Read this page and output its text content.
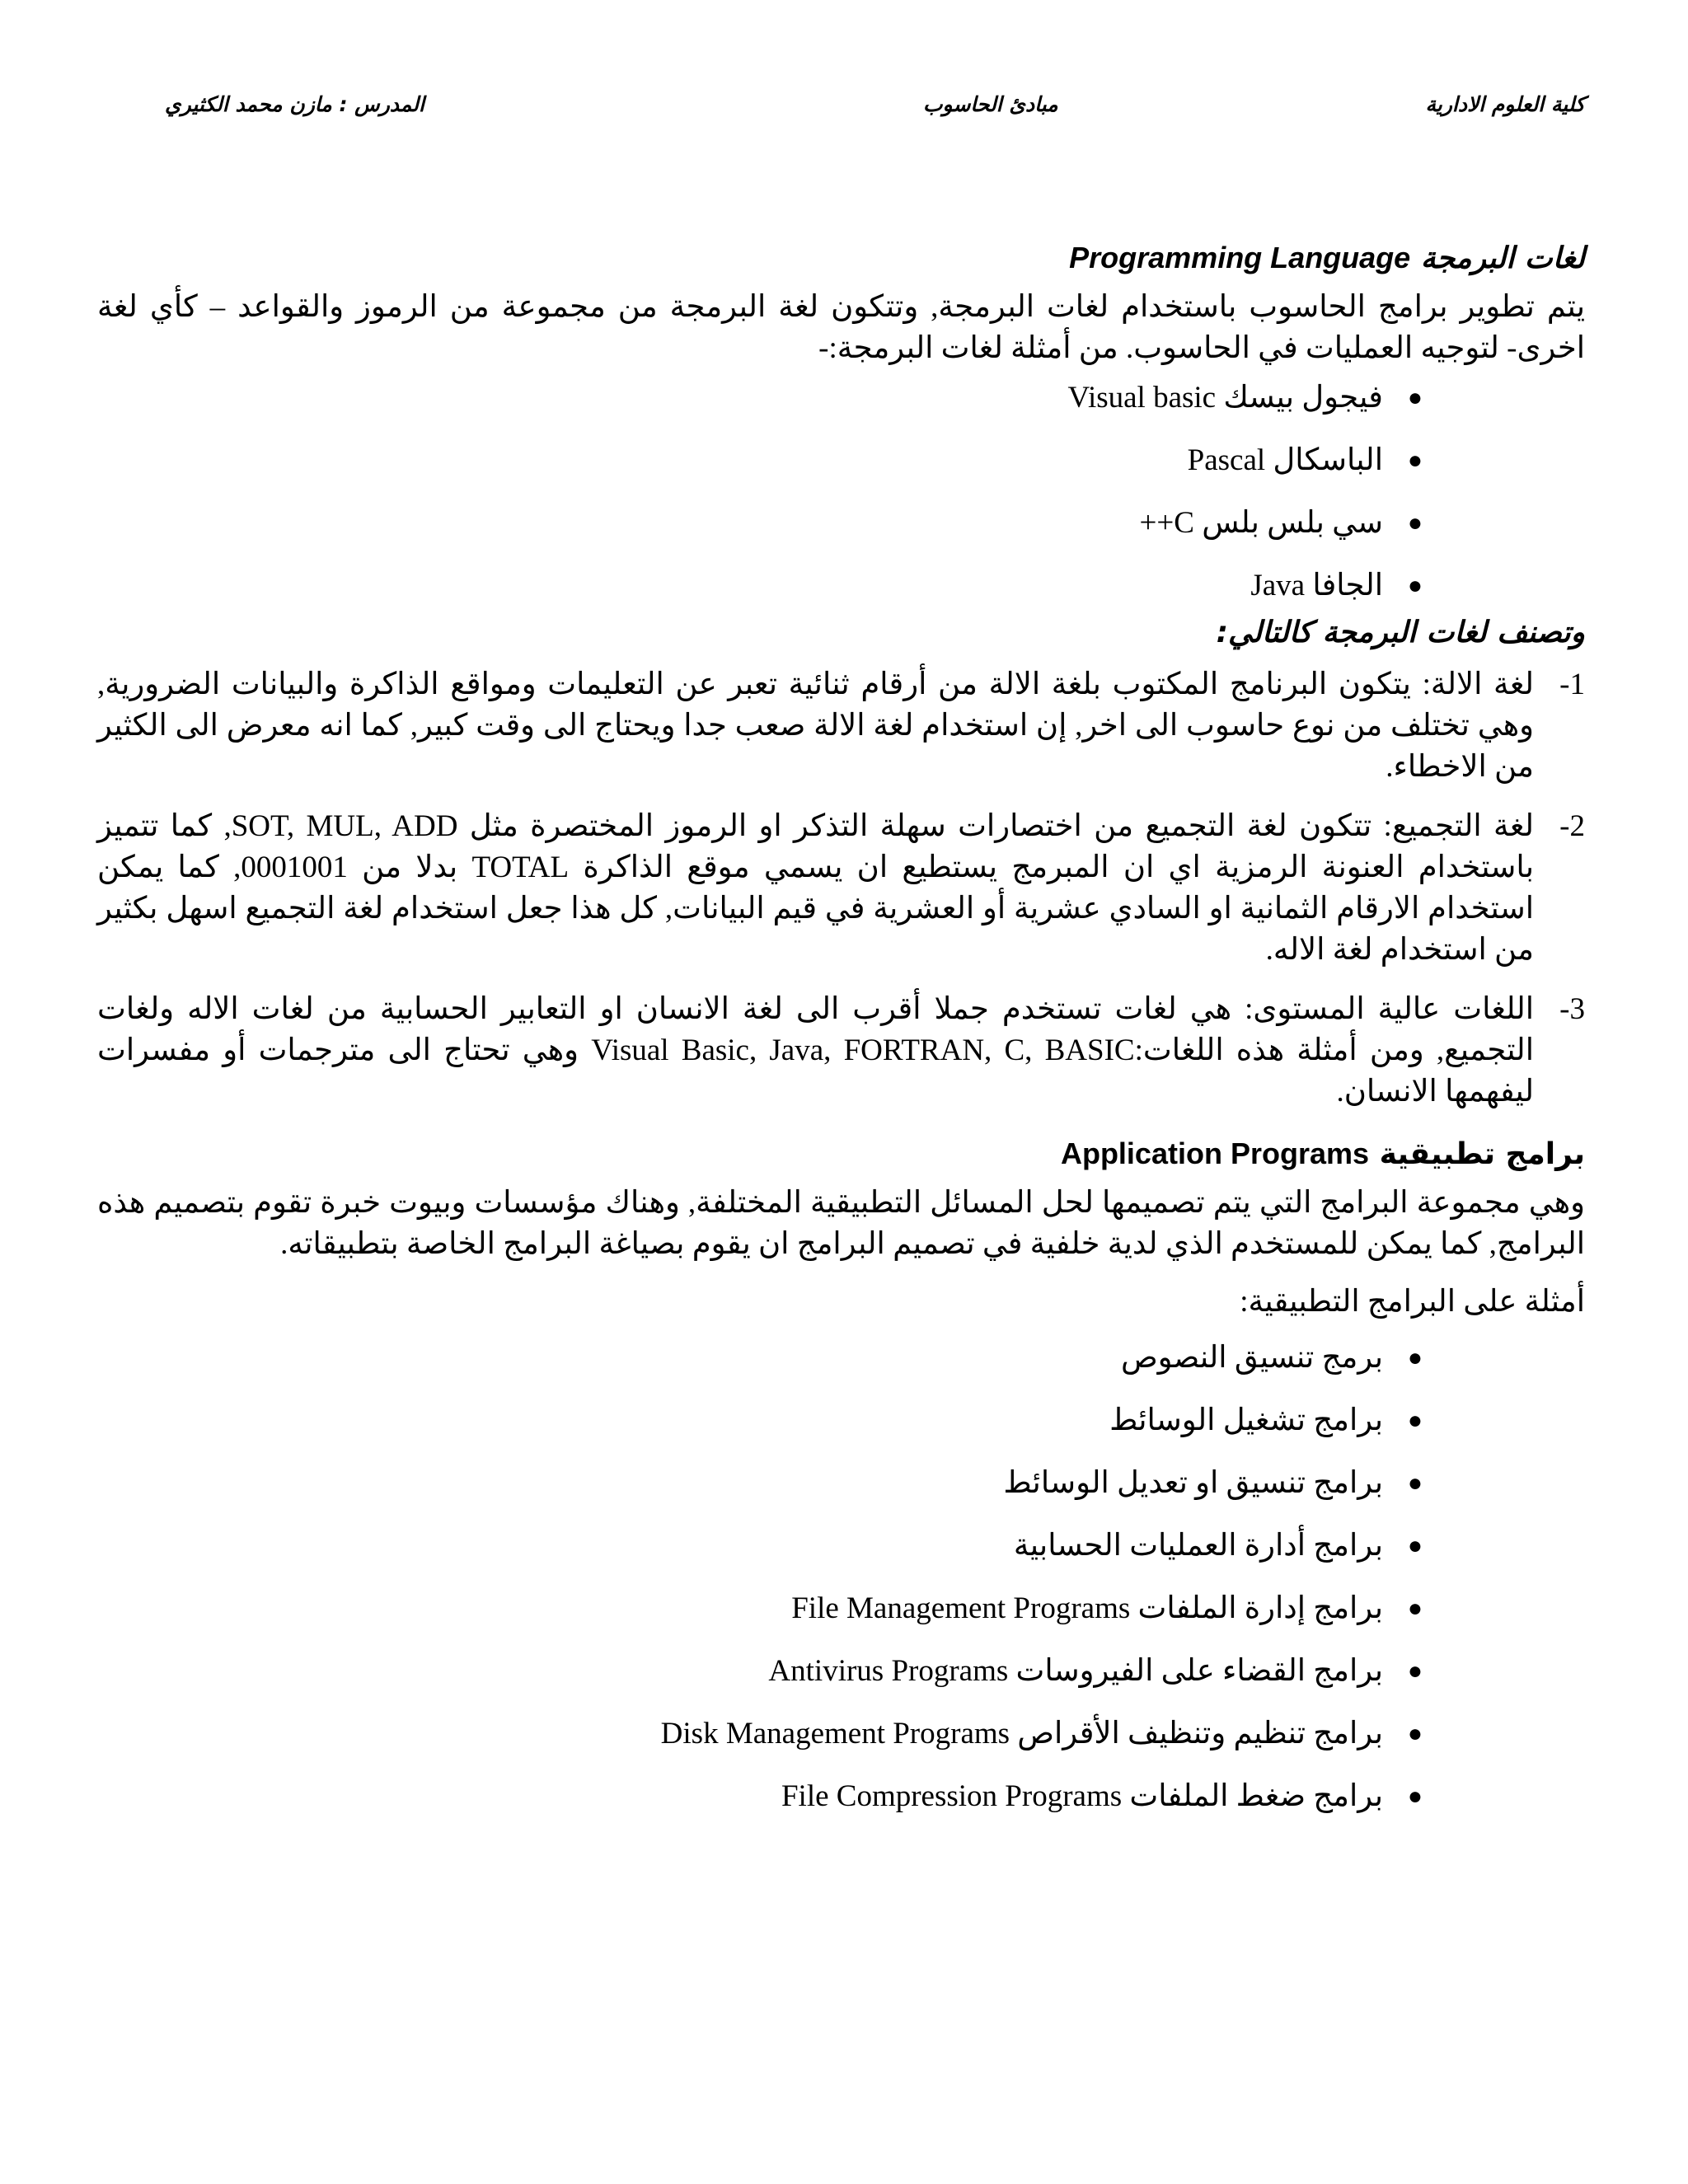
كلية العلوم الادارية
مبادئ الحاسوب
المدرس : مازن محمد الكثيري
لغات البرمجة Programming Language

يتم تطوير برامج الحاسوب باستخدام لغات البرمجة, وتتكون لغة البرمجة من مجموعة من الرموز والقواعد – كأي لغة اخرى- لتوجيه العمليات في الحاسوب. من أمثلة لغات البرمجة:-

●
فيجول بيسك Visual basic
●
الباسكال Pascal
●
سي بلس بلس C++
●
الجافا Java
وتصنف لغات البرمجة كالتالي:
-1
لغة الالة: يتكون البرنامج المكتوب بلغة الالة من أرقام ثنائية تعبر عن التعليمات ومواقع الذاكرة والبيانات الضرورية, وهي تختلف من نوع حاسوب الى اخر, إن استخدام لغة الالة صعب جدا ويحتاج الى وقت كبير, كما انه معرض الى الكثير من الاخطاء.
-2
لغة التجميع: تتكون لغة التجميع من اختصارات سهلة التذكر او الرموز المختصرة مثل SOT, MUL, ADD, كما تتميز باستخدام العنونة الرمزية اي ان المبرمج يستطيع ان يسمي موقع الذاكرة TOTAL بدلا من 0001001, كما يمكن استخدام الارقام الثمانية او السادي عشرية أو العشرية في قيم البيانات, كل هذا جعل استخدام لغة التجميع اسهل بكثير من استخدام لغة الاله.
-3
اللغات عالية المستوى: هي لغات تستخدم جملا أقرب الى لغة الانسان او التعابير الحسابية من لغات الاله ولغات التجميع, ومن أمثلة هذه اللغات:Visual Basic, Java, FORTRAN, C, BASIC وهي تحتاج الى مترجمات أو مفسرات ليفهمها الانسان.
برامج تطبيقية Application Programs

وهي مجموعة البرامج التي يتم تصميمها لحل المسائل التطبيقية المختلفة, وهناك مؤسسات وبيوت خبرة تقوم بتصميم هذه البرامج, كما يمكن للمستخدم الذي لدية خلفية في تصميم البرامج ان يقوم بصياغة البرامج الخاصة بتطبيقاته.

أمثلة على البرامج التطبيقية:

●
برمج تنسيق النصوص
●
برامج تشغيل الوسائط
●
برامج تنسيق او تعديل الوسائط
●
برامج أدارة العمليات الحسابية
●
برامج إدارة الملفات File Management Programs
●
برامج القضاء على الفيروسات Antivirus Programs
●
برامج تنظيم وتنظيف الأقراص Disk Management Programs
●
برامج ضغط الملفات File Compression Programs
